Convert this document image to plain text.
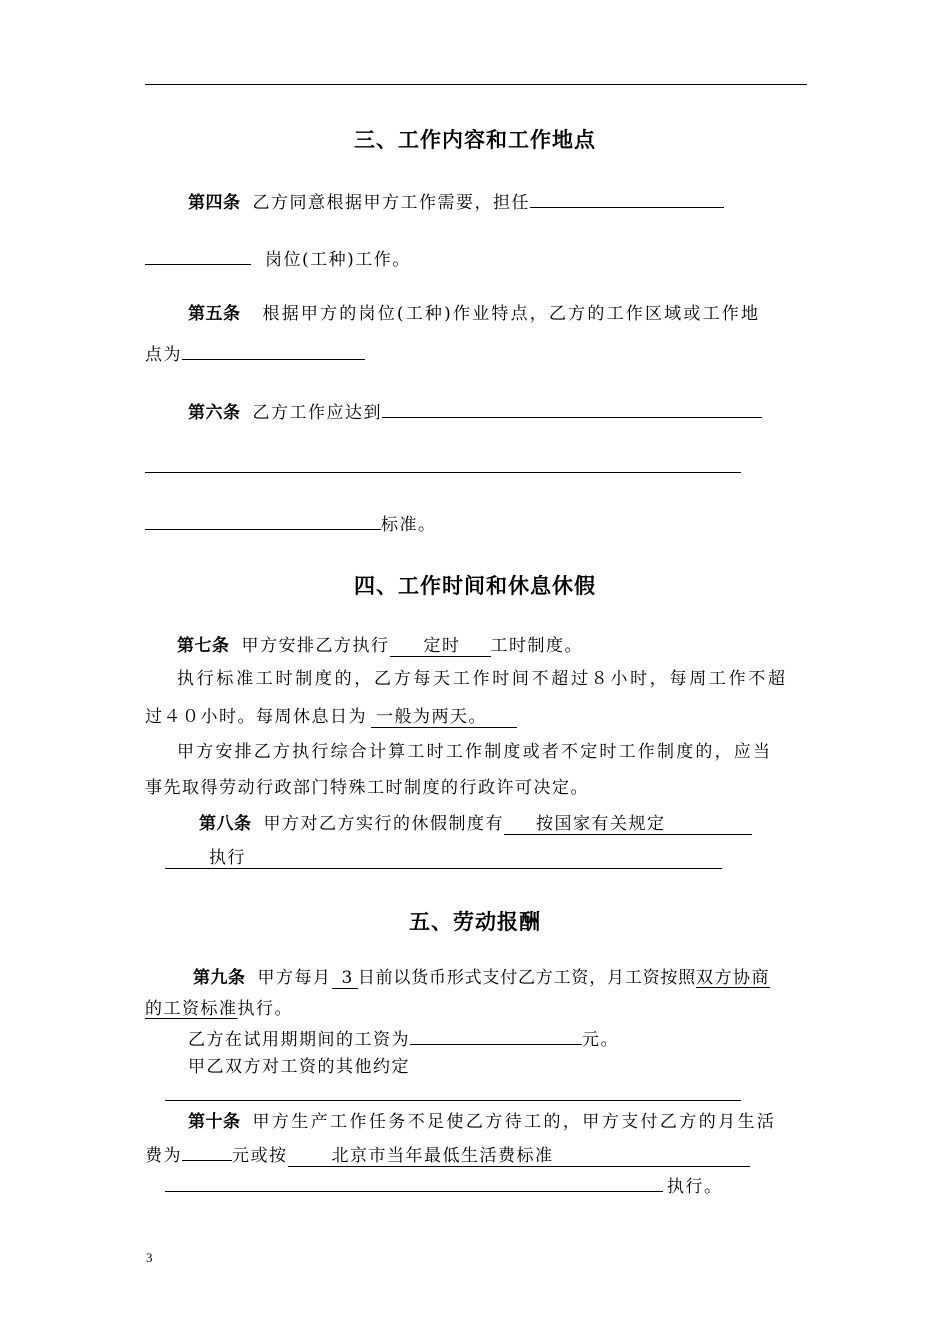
三、工作内容和工作地点
第四条 乙方同意根据甲方工作需要，担任
岗位(工种)工作。
第五条 根据甲方的岗位(工种)作业特点，乙方的工作区域或工作地
点为
第六条 乙方工作应达到
标准。
四、工作时间和休息休假
第七条 甲方安排乙方执行 定时 工时制度。
执行标准工时制度的，乙方每天工作时间不超过８小时，每周工作不超
过４０小时。每周休息日为 一般为两天。
甲方安排乙方执行综合计算工时工作制度或者不定时工作制度的，应当
事先取得劳动行政部门特殊工时制度的行政许可决定。
第八条 甲方对乙方实行的休假制度有 按国家有关规定
执行
五、劳动报酬
第九条 甲方每月 3 日前以货币形式支付乙方工资，月工资按照双方协商
的工资标准执行。
乙方在试用期期间的工资为	元。
甲乙双方对工资的其他约定
第十条 甲方生产工作任务不足使乙方待工的，甲方支付乙方的月生活
费为	元或按	北京市当年最低生活费标准
执行。
3
